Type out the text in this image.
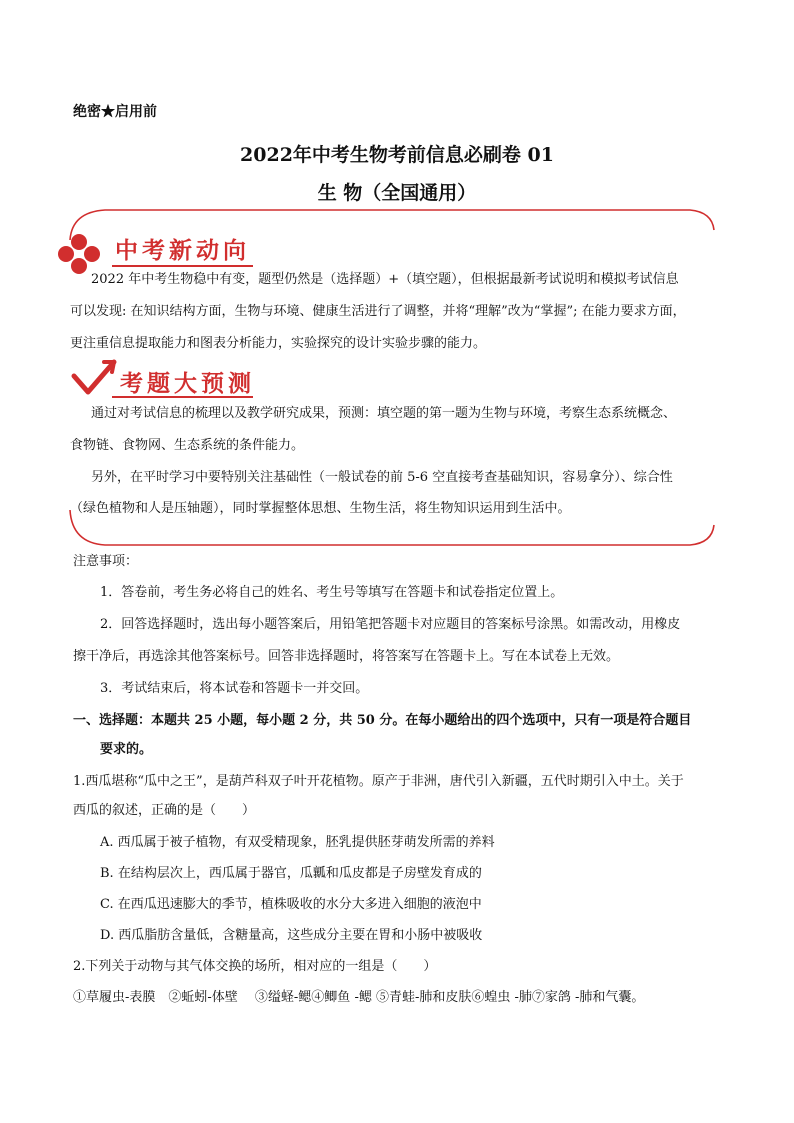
绝密★启用前
2022年中考生物考前信息必刷卷 01
生 物（全国通用）
中考新动向
2022 年中考生物稳中有变，题型仍然是（选择题）+（填空题），但根据最新考试说明和模拟考试信息
可以发现: 在知识结构方面，生物与环境、健康生活进行了调整，并将“理解”改为“掌握”; 在能力要求方面，
更注重信息提取能力和图表分析能力，实验探究的设计实验步骤的能力。
考题大预测
通过对考试信息的梳理以及教学研究成果，预测：填空题的第一题为生物与环境，考察生态系统概念、
食物链、食物网、生态系统的条件能力。
另外，在平时学习中要特别关注基础性（一般试卷的前 5-6 空直接考查基础知识，容易拿分）、综合性
（绿色植物和人是压轴题），同时掌握整体思想、生物生活，将生物知识运用到生活中。
注意事项：
1．答卷前，考生务必将自己的姓名、考生号等填写在答题卡和试卷指定位置上。
2．回答选择题时，选出每小题答案后，用铅笔把答题卡对应题目的答案标号涂黑。如需改动，用橡皮
擦干净后，再选涂其他答案标号。回答非选择题时，将答案写在答题卡上。写在本试卷上无效。
3．考试结束后，将本试卷和答题卡一并交回。
一、选择题：本题共 25 小题，每小题 2 分，共 50 分。在每小题给出的四个选项中，只有一项是符合题目
要求的。
1.西瓜堪称“瓜中之王”，是葫芦科双子叶开花植物。原产于非洲，唐代引入新疆，五代时期引入中土。关于
西瓜的叙述，正确的是（　　）
A. 西瓜属于被子植物，有双受精现象，胚乳提供胚芽萌发所需的养料
B. 在结构层次上，西瓜属于器官，瓜瓤和瓜皮都是子房壁发育成的
C. 在西瓜迅速膨大的季节，植株吸收的水分大多进入细胞的液泡中
D. 西瓜脂肪含量低，含糖量高，这些成分主要在胃和小肠中被吸收
2.下列关于动物与其气体交换的场所，相对应的一组是（　　）
①草履虫-表膜　②蚯蚓-体壁　 ③缢蛏-鳃④鲫鱼 -鳃 ⑤青蛙-肺和皮肤⑥蝗虫 -肺⑦家鸽 -肺和气囊。
